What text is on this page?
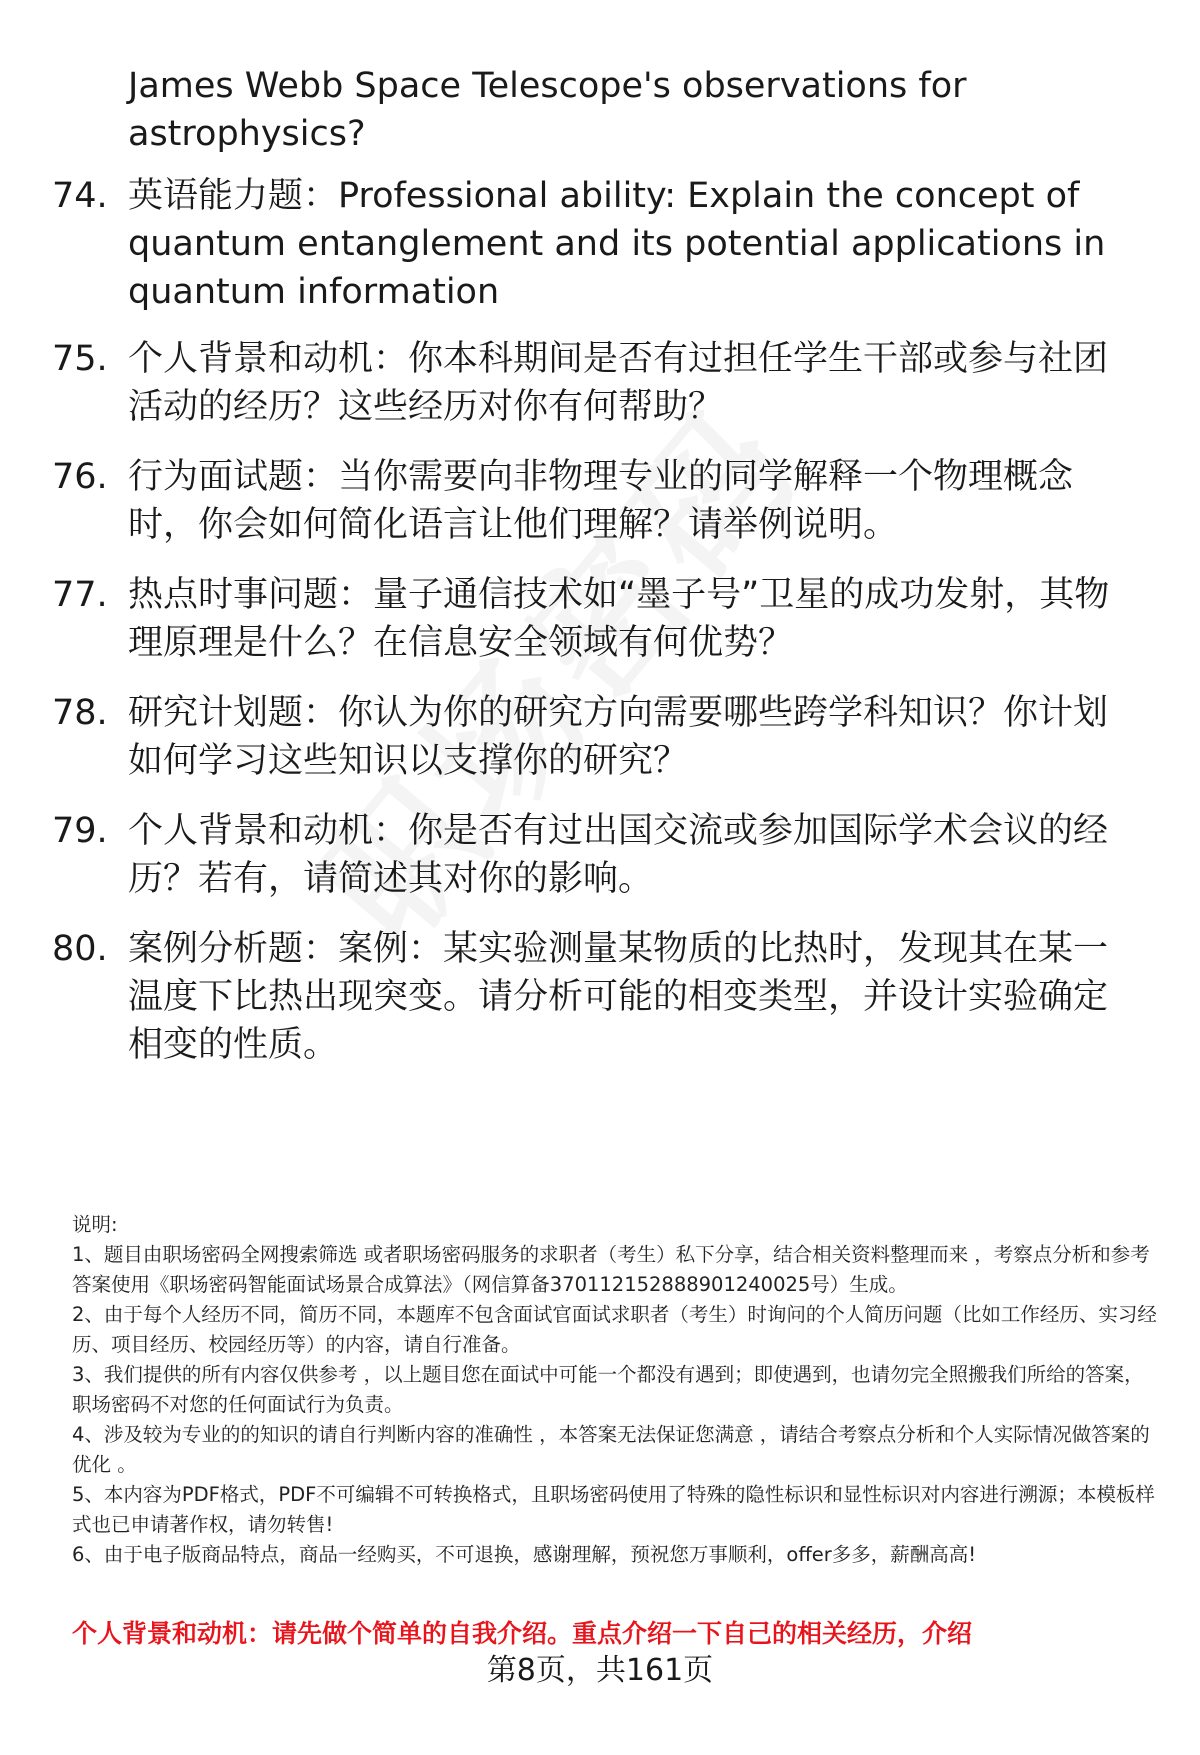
James Webb Space Telescope's observations for astrophysics?
74. 英语能力题：Professional ability: Explain the concept of quantum entanglement and its potential applications in quantum information
75. 个人背景和动机：你本科期间是否有过担任学生干部或参与社团活动的经历？这些经历对你有何帮助？
76. 行为面试题：当你需要向非物理专业的同学解释一个物理概念时，你会如何简化语言让他们理解？请举例说明。
77. 热点时事问题：量子通信技术如“墨子号”卫星的成功发射，其物理原理是什么？在信息安全领域有何优势？
78. 研究计划题：你认为你的研究方向需要哪些跨学科知识？你计划如何学习这些知识以支撑你的研究？
79. 个人背景和动机：你是否有过出国交流或参加国际学术会议的经历？若有，请简述其对你的影响。
80. 案例分析题：案例：某实验测量某物质的比热时，发现其在某一温度下比热出现突变。请分析可能的相变类型，并设计实验确定相变的性质。

说明:

1、题目由职场密码全网搜索筛选 或者职场密码服务的求职者（考生）私下分享，结合相关资料整理而来 ，考察点分析和参考答案使用《职场密码智能面试场景合成算法》（网信算备370112152888901240025号）生成。

2、由于每个人经历不同，简历不同，本题库不包含面试官面试求职者（考生）时询问的个人简历问题（比如工作经历、实习经历、项目经历、校园经历等）的内容，请自行准备。

3、我们提供的所有内容仅供参考 ，以上题目您在面试中可能一个都没有遇到；即使遇到，也请勿完全照搬我们所给的答案，职场密码不对您的任何面试行为负责。

4、涉及较为专业的的知识的请自行判断内容的准确性 ，本答案无法保证您满意 ，请结合考察点分析和个人实际情况做答案的优化 。

5、本内容为PDF格式，PDF不可编辑不可转换格式，且职场密码使用了特殊的隐性标识和显性标识对内容进行溯源；本模板样式也已申请著作权，请勿转售!

6、由于电子版商品特点，商品一经购买，不可退换，感谢理解，预祝您万事顺利，offer多多，薪酬高高!

个人背景和动机：请先做个简单的自我介绍。重点介绍一下自己的相关经历，介绍
第8页，共161页
